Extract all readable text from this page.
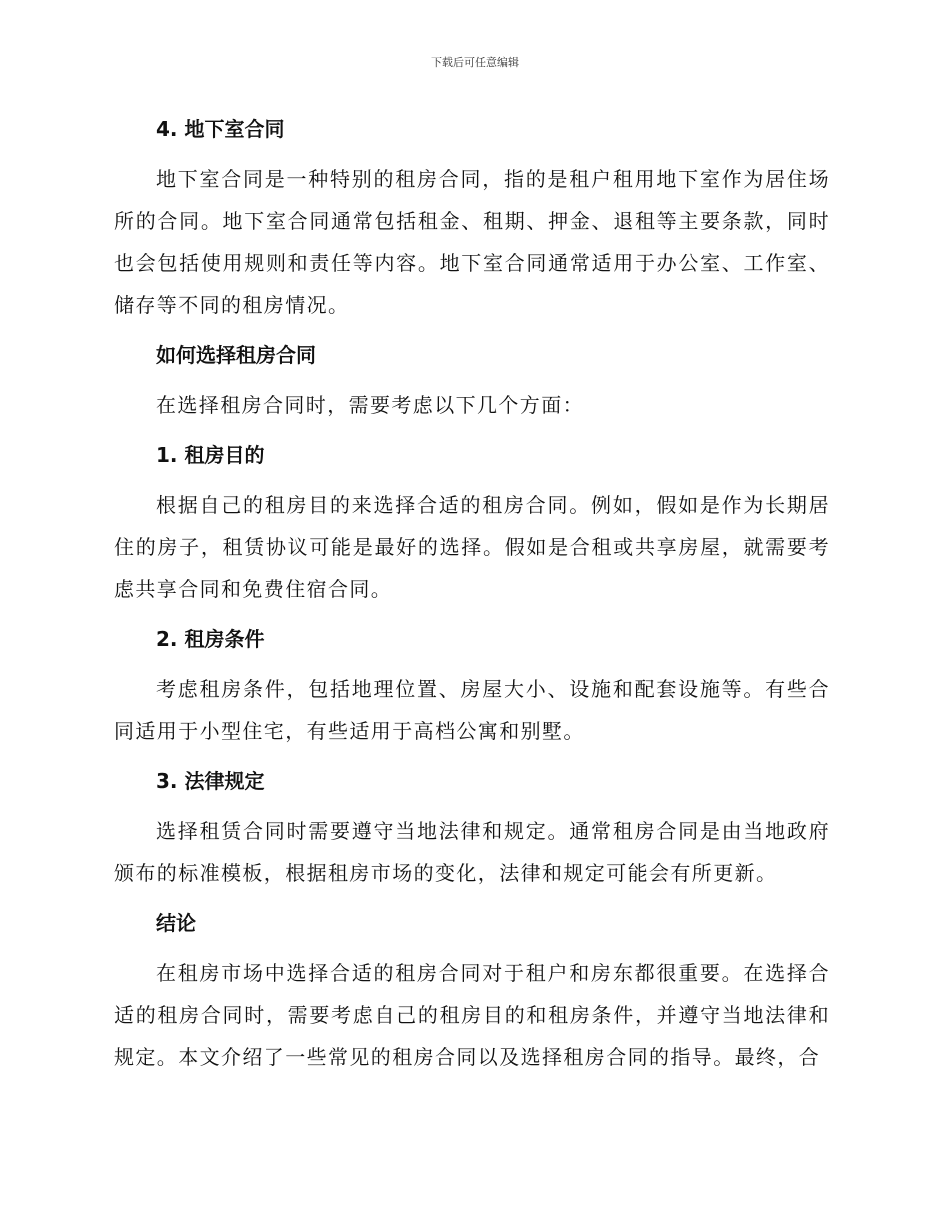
下载后可任意编辑
4. 地下室合同

地下室合同是一种特别的租房合同，指的是租户租用地下室作为居住场所的合同。地下室合同通常包括租金、租期、押金、退租等主要条款，同时也会包括使用规则和责任等内容。地下室合同通常适用于办公室、工作室、储存等不同的租房情况。

如何选择租房合同

在选择租房合同时，需要考虑以下几个方面：

1. 租房目的

根据自己的租房目的来选择合适的租房合同。例如，假如是作为长期居住的房子，租赁协议可能是最好的选择。假如是合租或共享房屋，就需要考虑共享合同和免费住宿合同。

2. 租房条件

考虑租房条件，包括地理位置、房屋大小、设施和配套设施等。有些合同适用于小型住宅，有些适用于高档公寓和别墅。

3. 法律规定

选择租赁合同时需要遵守当地法律和规定。通常租房合同是由当地政府颁布的标准模板，根据租房市场的变化，法律和规定可能会有所更新。

结论

在租房市场中选择合适的租房合同对于租户和房东都很重要。在选择合适的租房合同时，需要考虑自己的租房目的和租房条件，并遵守当地法律和规定。本文介绍了一些常见的租房合同以及选择租房合同的指导。最终，合
